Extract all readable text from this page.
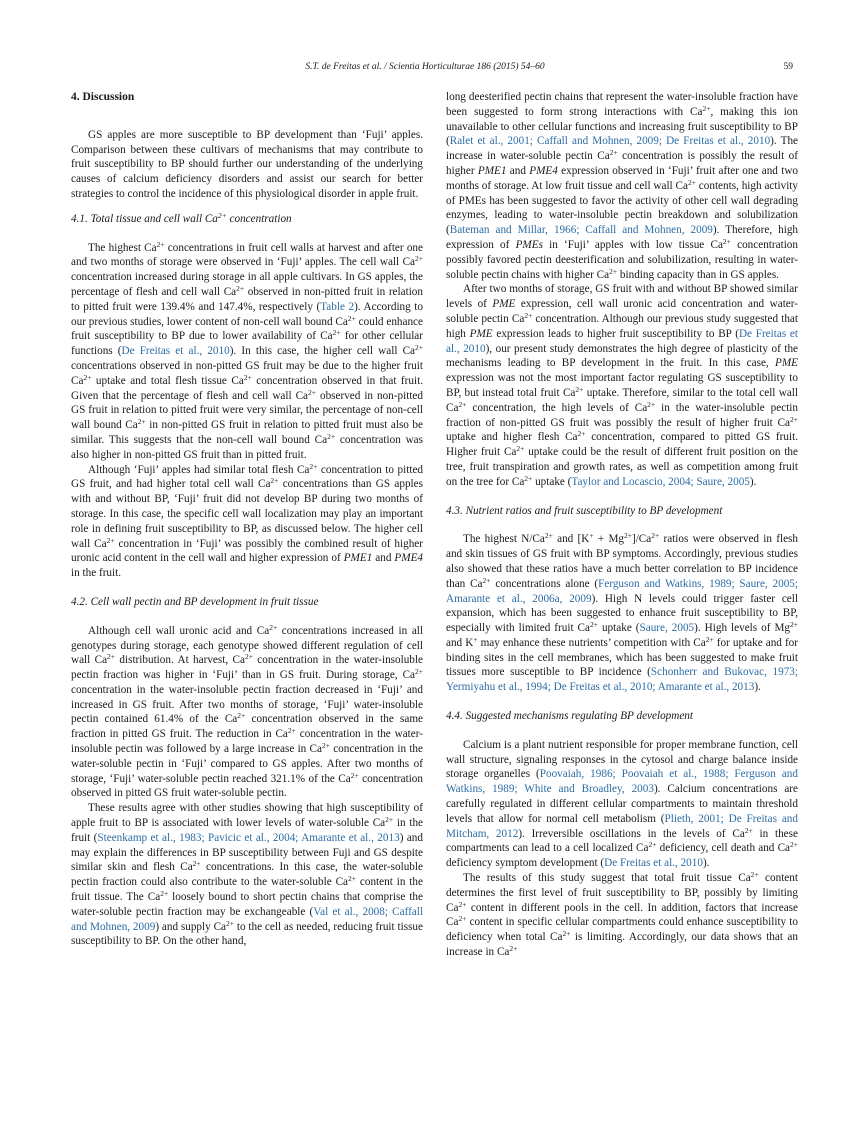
S.T. de Freitas et al. / Scientia Horticulturae 186 (2015) 54–60	59
4. Discussion

GS apples are more susceptible to BP development than ‘Fuji’ apples. Comparison between these cultivars of mechanisms that may contribute to fruit susceptibility to BP should further our understanding of the underlying causes of calcium deficiency disorders and assist our search for better strategies to control the incidence of this physiological disorder in apple fruit.

4.1. Total tissue and cell wall $Ca^{2+}$ concentration

The highest $Ca^{2+}$ concentrations in fruit cell walls at harvest and after one and two months of storage were observed in ‘Fuji’ apples. The cell wall $Ca^{2+}$ concentration increased during storage in all apple cultivars. In GS apples, the percentage of flesh and cell wall $Ca^{2+}$ observed in non-pitted fruit in relation to pitted fruit were 139.4% and 147.4%, respectively (Table 2). According to our previous studies, lower content of non-cell wall bound $Ca^{2+}$ could enhance fruit susceptibility to BP due to lower availability of $Ca^{2+}$ for other cellular functions (De Freitas et al., 2010). In this case, the higher cell wall $Ca^{2+}$ concentrations observed in non-pitted GS fruit may be due to the higher fruit $Ca^{2+}$ uptake and total flesh tissue $Ca^{2+}$ concentration observed in that fruit. Given that the percentage of flesh and cell wall $Ca^{2+}$ observed in non-pitted GS fruit in relation to pitted fruit were very similar, the percentage of non-cell wall bound $Ca^{2+}$ in non-pitted GS fruit in relation to pitted fruit must also be similar. This suggests that the non-cell wall bound $Ca^{2+}$ concentration was also higher in non-pitted GS fruit than in pitted fruit.

Although ‘Fuji’ apples had similar total flesh $Ca^{2+}$ concentration to pitted GS fruit, and had higher total cell wall $Ca^{2+}$ concentrations than GS apples with and without BP, ‘Fuji’ fruit did not develop BP during two months of storage. In this case, the specific cell wall localization may play an important role in defining fruit susceptibility to BP, as discussed below. The higher cell wall $Ca^{2+}$ concentration in ‘Fuji’ was possibly the combined result of higher uronic acid content in the cell wall and higher expression of PME1 and PME4 in the fruit.

4.2. Cell wall pectin and BP development in fruit tissue

Although cell wall uronic acid and $Ca^{2+}$ concentrations increased in all genotypes during storage, each genotype showed different regulation of cell wall $Ca^{2+}$ distribution. At harvest, $Ca^{2+}$ concentration in the water-insoluble pectin fraction was higher in ‘Fuji’ than in GS fruit. During storage, $Ca^{2+}$ concentration in the water-insoluble pectin fraction decreased in ‘Fuji’ and increased in GS fruit. After two months of storage, ‘Fuji’ water-insoluble pectin contained 61.4% of the $Ca^{2+}$ concentration observed in the same fraction in pitted GS fruit. The reduction in $Ca^{2+}$ concentration in the water-insoluble pectin was followed by a large increase in $Ca^{2+}$ concentration in the water-soluble pectin in ‘Fuji’ compared to GS apples. After two months of storage, ‘Fuji’ water-soluble pectin reached 321.1% of the $Ca^{2+}$ concentration observed in pitted GS fruit water-soluble pectin.

These results agree with other studies showing that high susceptibility of apple fruit to BP is associated with lower levels of water-soluble $Ca^{2+}$ in the fruit (Steenkamp et al., 1983; Pavicic et al., 2004; Amarante et al., 2013) and may explain the differences in BP susceptibility between Fuji and GS despite similar skin and flesh $Ca^{2+}$ concentrations. In this case, the water-soluble pectin fraction could also contribute to the water-soluble $Ca^{2+}$ content in the fruit tissue. The $Ca^{2+}$ loosely bound to short pectin chains that comprise the water-soluble pectin fraction may be exchangeable (Val et al., 2008; Caffall and Mohnen, 2009) and supply $Ca^{2+}$ to the cell as needed, reducing fruit tissue susceptibility to BP. On the other hand,

long deesterified pectin chains that represent the water-insoluble fraction have been suggested to form strong interactions with $Ca^{2+}$, making this ion unavailable to other cellular functions and increasing fruit susceptibility to BP (Ralet et al., 2001; Caffall and Mohnen, 2009; De Freitas et al., 2010). The increase in water-soluble pectin $Ca^{2+}$ concentration is possibly the result of higher PME1 and PME4 expression observed in ‘Fuji’ fruit after one and two months of storage. At low fruit tissue and cell wall $Ca^{2+}$ contents, high activity of PMEs has been suggested to favor the activity of other cell wall degrading enzymes, leading to water-insoluble pectin breakdown and solubilization (Bateman and Millar, 1966; Caffall and Mohnen, 2009). Therefore, high expression of PMEs in ‘Fuji’ apples with low tissue $Ca^{2+}$ concentration possibly favored pectin deesterification and solubilization, resulting in water-soluble pectin chains with higher $Ca^{2+}$ binding capacity than in GS apples.

After two months of storage, GS fruit with and without BP showed similar levels of PME expression, cell wall uronic acid concentration and water-soluble pectin $Ca^{2+}$ concentration. Although our previous study suggested that high PME expression leads to higher fruit susceptibility to BP (De Freitas et al., 2010), our present study demonstrates the high degree of plasticity of the mechanisms leading to BP development in the fruit. In this case, PME expression was not the most important factor regulating GS susceptibility to BP, but instead total fruit $Ca^{2+}$ uptake. Therefore, similar to the total cell wall $Ca^{2+}$ concentration, the high levels of $Ca^{2+}$ in the water-insoluble pectin fraction of non-pitted GS fruit was possibly the result of higher fruit $Ca^{2+}$ uptake and higher flesh $Ca^{2+}$ concentration, compared to pitted GS fruit. Higher fruit $Ca^{2+}$ uptake could be the result of different fruit position on the tree, fruit transpiration and growth rates, as well as competition among fruit on the tree for $Ca^{2+}$ uptake (Taylor and Locascio, 2004; Saure, 2005).

4.3. Nutrient ratios and fruit susceptibility to BP development

The highest $N/Ca^{2+}$ and $[K^+ + Mg^{2+}]/Ca^{2+}$ ratios were observed in flesh and skin tissues of GS fruit with BP symptoms. Accordingly, previous studies also showed that these ratios have a much better correlation to BP incidence than $Ca^{2+}$ concentrations alone (Ferguson and Watkins, 1989; Saure, 2005; Amarante et al., 2006a, 2009). High N levels could trigger faster cell expansion, which has been suggested to enhance fruit susceptibility to BP, especially with limited fruit $Ca^{2+}$ uptake (Saure, 2005). High levels of $Mg^{2+}$ and K+ may enhance these nutrients’ competition with $Ca^{2+}$ for uptake and for binding sites in the cell membranes, which has been suggested to make fruit tissues more susceptible to BP incidence (Schonherr and Bukovac, 1973; Yermiyahu et al., 1994; De Freitas et al., 2010; Amarante et al., 2013).

4.4. Suggested mechanisms regulating BP development

Calcium is a plant nutrient responsible for proper membrane function, cell wall structure, signaling responses in the cytosol and charge balance inside storage organelles (Poovaiah, 1986; Poovaiah et al., 1988; Ferguson and Watkins, 1989; White and Broadley, 2003). Calcium concentrations are carefully regulated in different cellular compartments to maintain threshold levels that allow for normal cell metabolism (Plieth, 2001; De Freitas and Mitcham, 2012). Irreversible oscillations in the levels of $Ca^{2+}$ in these compartments can lead to a cell localized $Ca^{2+}$ deficiency, cell death and $Ca^{2+}$ deficiency symptom development (De Freitas et al., 2010).

The results of this study suggest that total fruit tissue $Ca^{2+}$ content determines the first level of fruit susceptibility to BP, possibly by limiting $Ca^{2+}$ content in different pools in the cell. In addition, factors that increase $Ca^{2+}$ content in specific cellular compartments could enhance susceptibility to deficiency when total $Ca^{2+}$ is limiting. Accordingly, our data shows that an increase in $Ca^{2+}$
